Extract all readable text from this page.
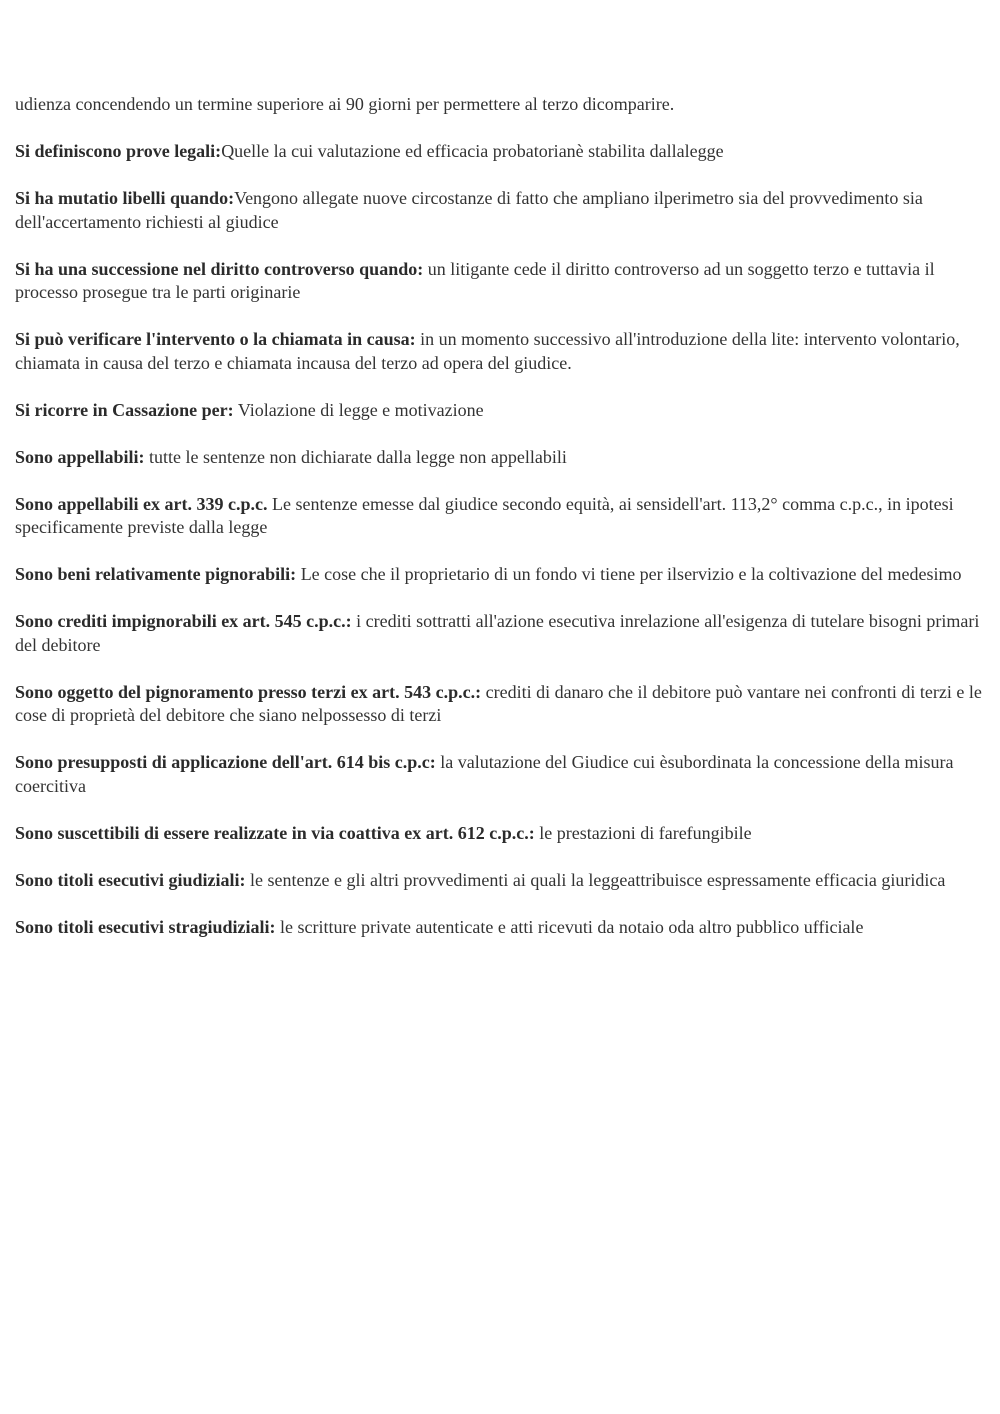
udienza concendendo un termine superiore ai 90 giorni per permettere al terzo dicomparire.

Si definiscono prove legali:Quelle la cui valutazione ed efficacia probatorianè stabilita dallalegge

Si ha mutatio libelli quando:Vengono allegate nuove circostanze di fatto che ampliano ilperimetro sia del provvedimento sia dell'accertamento richiesti al giudice

Si ha una successione nel diritto controverso quando: un litigante cede il diritto controverso ad un soggetto terzo e tuttavia il processo prosegue tra le parti originarie

Si può verificare l'intervento o la chiamata in causa: in un momento successivo all'introduzione della lite: intervento volontario, chiamata in causa del terzo e chiamata incausa del terzo ad opera del giudice.

Si ricorre in Cassazione per: Violazione di legge e motivazione

Sono appellabili: tutte le sentenze non dichiarate dalla legge non appellabili

Sono appellabili ex art. 339 c.p.c. Le sentenze emesse dal giudice secondo equità, ai sensidell'art. 113,2° comma c.p.c., in ipotesi specificamente previste dalla legge

Sono beni relativamente pignorabili: Le cose che il proprietario di un fondo vi tiene per ilservizio e la coltivazione del medesimo

Sono crediti impignorabili ex art. 545 c.p.c.: i crediti sottratti all'azione esecutiva inrelazione all'esigenza di tutelare bisogni primari del debitore

Sono oggetto del pignoramento presso terzi ex art. 543 c.p.c.: crediti di danaro che il debitore può vantare nei confronti di terzi e le cose di proprietà del debitore che siano nelpossesso di terzi

Sono presupposti di applicazione dell'art. 614 bis c.p.c: la valutazione del Giudice cui èsubordinata la concessione della misura coercitiva

Sono suscettibili di essere realizzate in via coattiva ex art. 612 c.p.c.: le prestazioni di farefungibile

Sono titoli esecutivi giudiziali: le sentenze e gli altri provvedimenti ai quali la leggeattribuisce espressamente efficacia giuridica

Sono titoli esecutivi stragiudiziali: le scritture private autenticate e atti ricevuti da notaio oda altro pubblico ufficiale
